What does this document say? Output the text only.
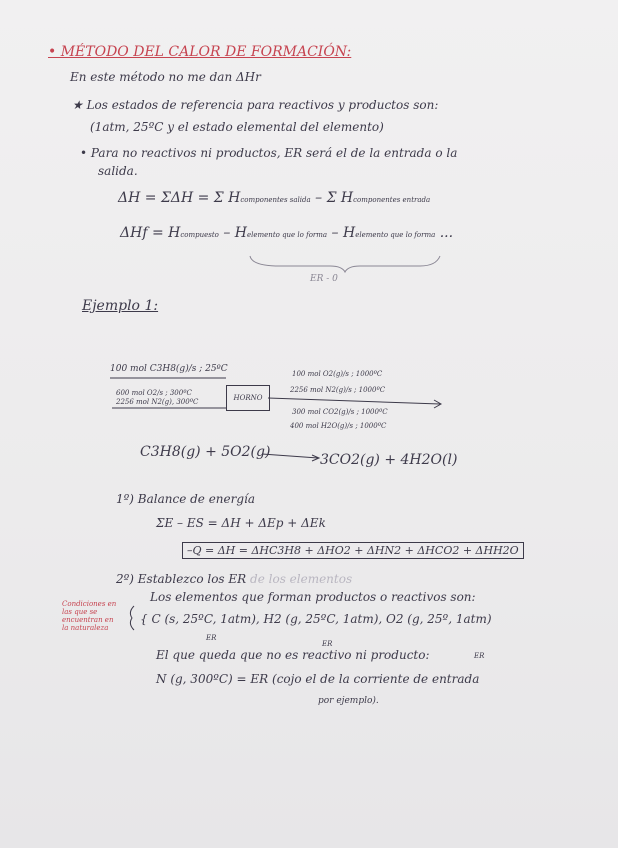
• MÉTODO DEL CALOR DE FORMACIÓN:
En este método no me dan ΔHr
★ Los estados de referencia para reactivos y productos son:
(1atm, 25ºC y el estado elemental del elemento)
• Para no reactivos ni productos, ER será el de la entrada o la
salida.
ΔH = ΣΔH = Σ Hcomponentes salida – Σ Hcomponentes entrada
ΔHf = Hcompuesto – Helemento que lo forma – Helemento que lo forma ...
ER - 0
Ejemplo 1:
100 mol C3H8(g)/s ; 25ºC
600 mol O2/s ; 300ºC
2256 mol N2(g), 300ºC	HORNO
100 mol O2(g)/s ; 1000ºC
2256 mol N2(g)/s ; 1000ºC
300 mol CO2(g)/s ; 1000ºC
400 mol H2O(g)/s ; 1000ºC
C3H8(g) + 5O2(g)	3CO2(g) + 4H2O(l)
1º) Balance de energía
ΣE – ES = ΔH + ΔEp + ΔEk
–Q = ΔH = ΔHC3H8 + ΔHO2 + ΔHN2 + ΔHCO2 + ΔHH2O
2º) Establezco los ER de los elementos
Condiciones en
las que se
encuentran en
la naturaleza
Los elementos que forman productos o reactivos son:
{ C (s, 25ºC, 1atm), H2 (g, 25ºC, 1atm), O2 (g, 25º, 1atm)
ER
ER
ER
El que queda que no es reactivo ni producto:
N (g, 300ºC) = ER (cojo el de la corriente de entrada
por ejemplo).
